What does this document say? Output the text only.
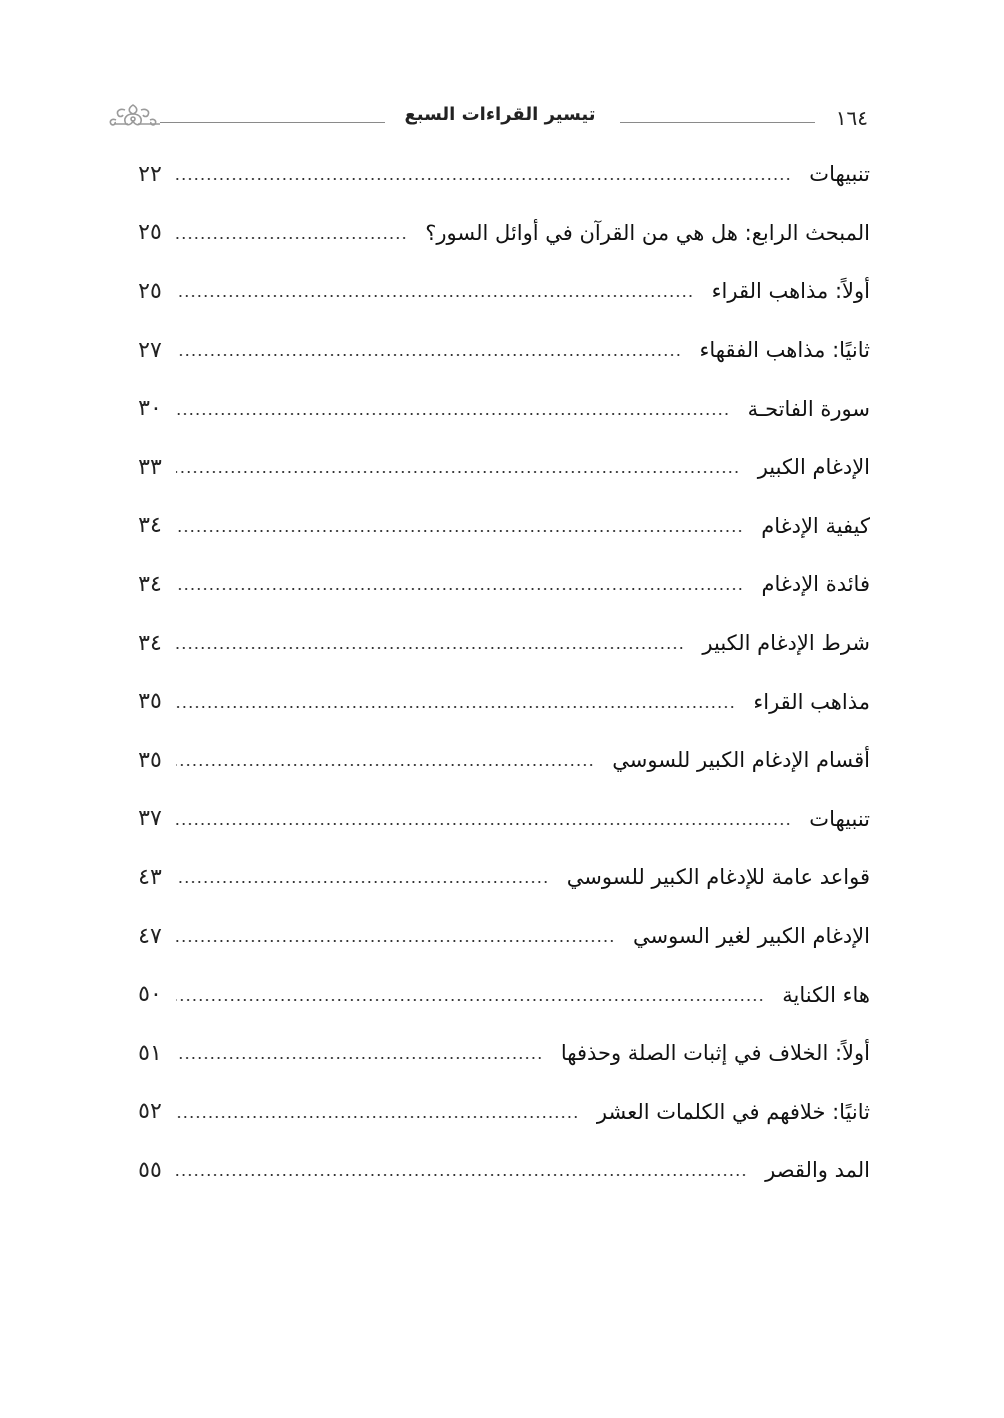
١٦٤
تيسير القراءات السبع
تنبيهات
٢٢
المبحث الرابع: هل هي من القرآن في أوائل السور؟
٢٥
أولاً: مذاهب القراء
٢٥
ثانيًا: مذاهب الفقهاء
٢٧
سورة الفاتحـة
٣٠
الإدغام الكبير
٣٣
كيفية الإدغام
٣٤
فائدة الإدغام
٣٤
شرط الإدغام الكبير
٣٤
مذاهب القراء
٣٥
أقسام الإدغام الكبير للسوسي
٣٥
تنبيهات
٣٧
قواعد عامة للإدغام الكبير للسوسي
٤٣
الإدغام الكبير لغير السوسي
٤٧
هاء الكناية
٥٠
أولاً: الخلاف في إثبات الصلة وحذفها
٥١
ثانيًا: خلافهم في الكلمات العشر
٥٢
المد والقصر
٥٥
